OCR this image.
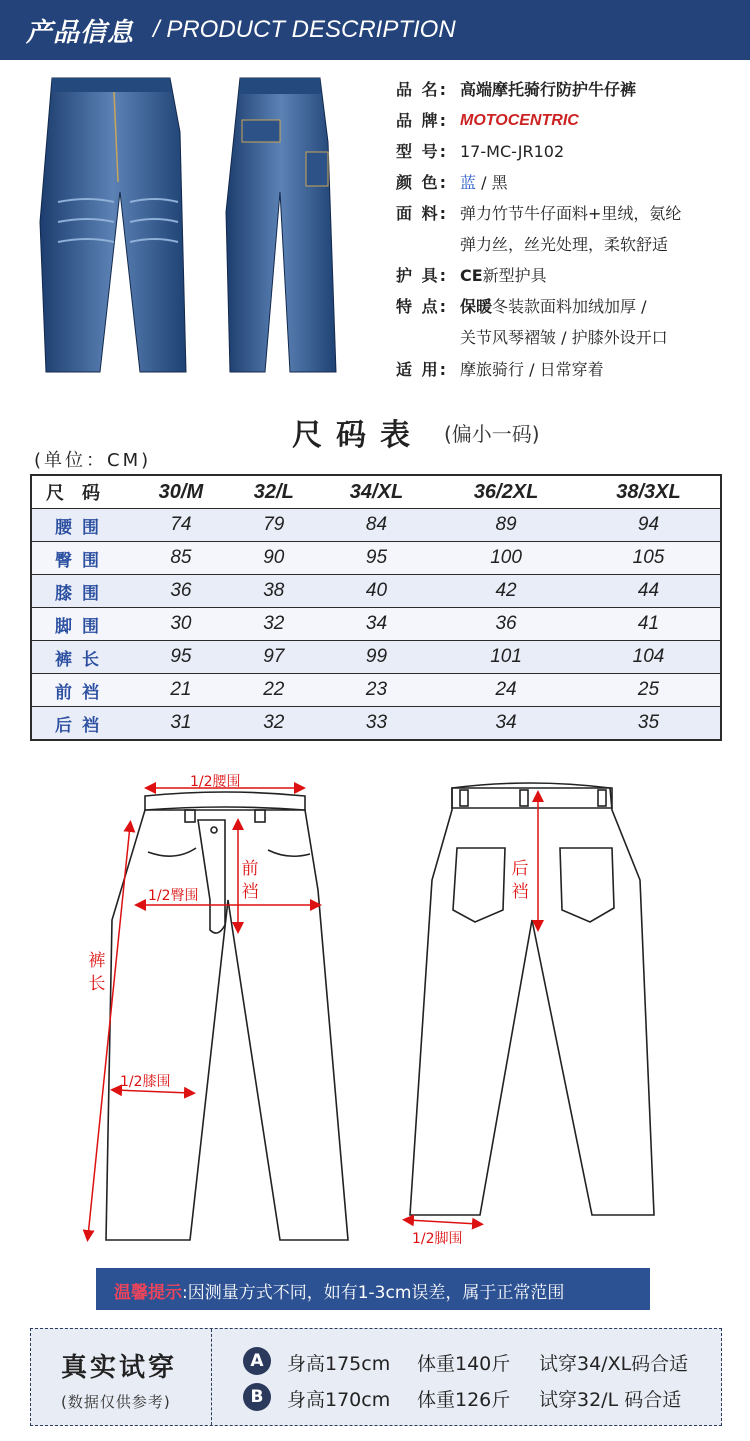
产品信息 / PRODUCT DESCRIPTION
品 名: 高端摩托骑行防护牛仔裤
品 牌: MOTOCENTRIC
型 号: 17-MC-JR102
颜 色: 蓝 / 黑
面 料: 弹力竹节牛仔面料+里绒，氨纶
弹力丝，丝光处理，柔软舒适
护 具: CE新型护具
特 点: 保暖冬装款面料加绒加厚 /
关节风琴褶皱 / 护膝外设开口
适 用: 摩旅骑行 / 日常穿着
尺码表 (偏小一码)
(单位：CM)
尺码	30/M	32/L	34/XL	36/2XL	38/3XL
腰围	74	79	84	89	94
臀围	85	90	95	100	105
膝围	36	38	40	42	44
脚围	30	32	34	36	41
裤长	95	97	99	101	104
前裆	21	22	23	24	25
后裆	31	32	33	34	35
1/2腰围
1/2臀围
前裆
裤长
1/2膝围
后裆
1/2脚围
温馨提示:因测量方式不同，如有1-3cm误差，属于正常范围
真实试穿
(数据仅供参考)
A	身高175cm 体重140斤 试穿34/XL码合适
B	身高170cm 体重126斤 试穿32/L 码合适
